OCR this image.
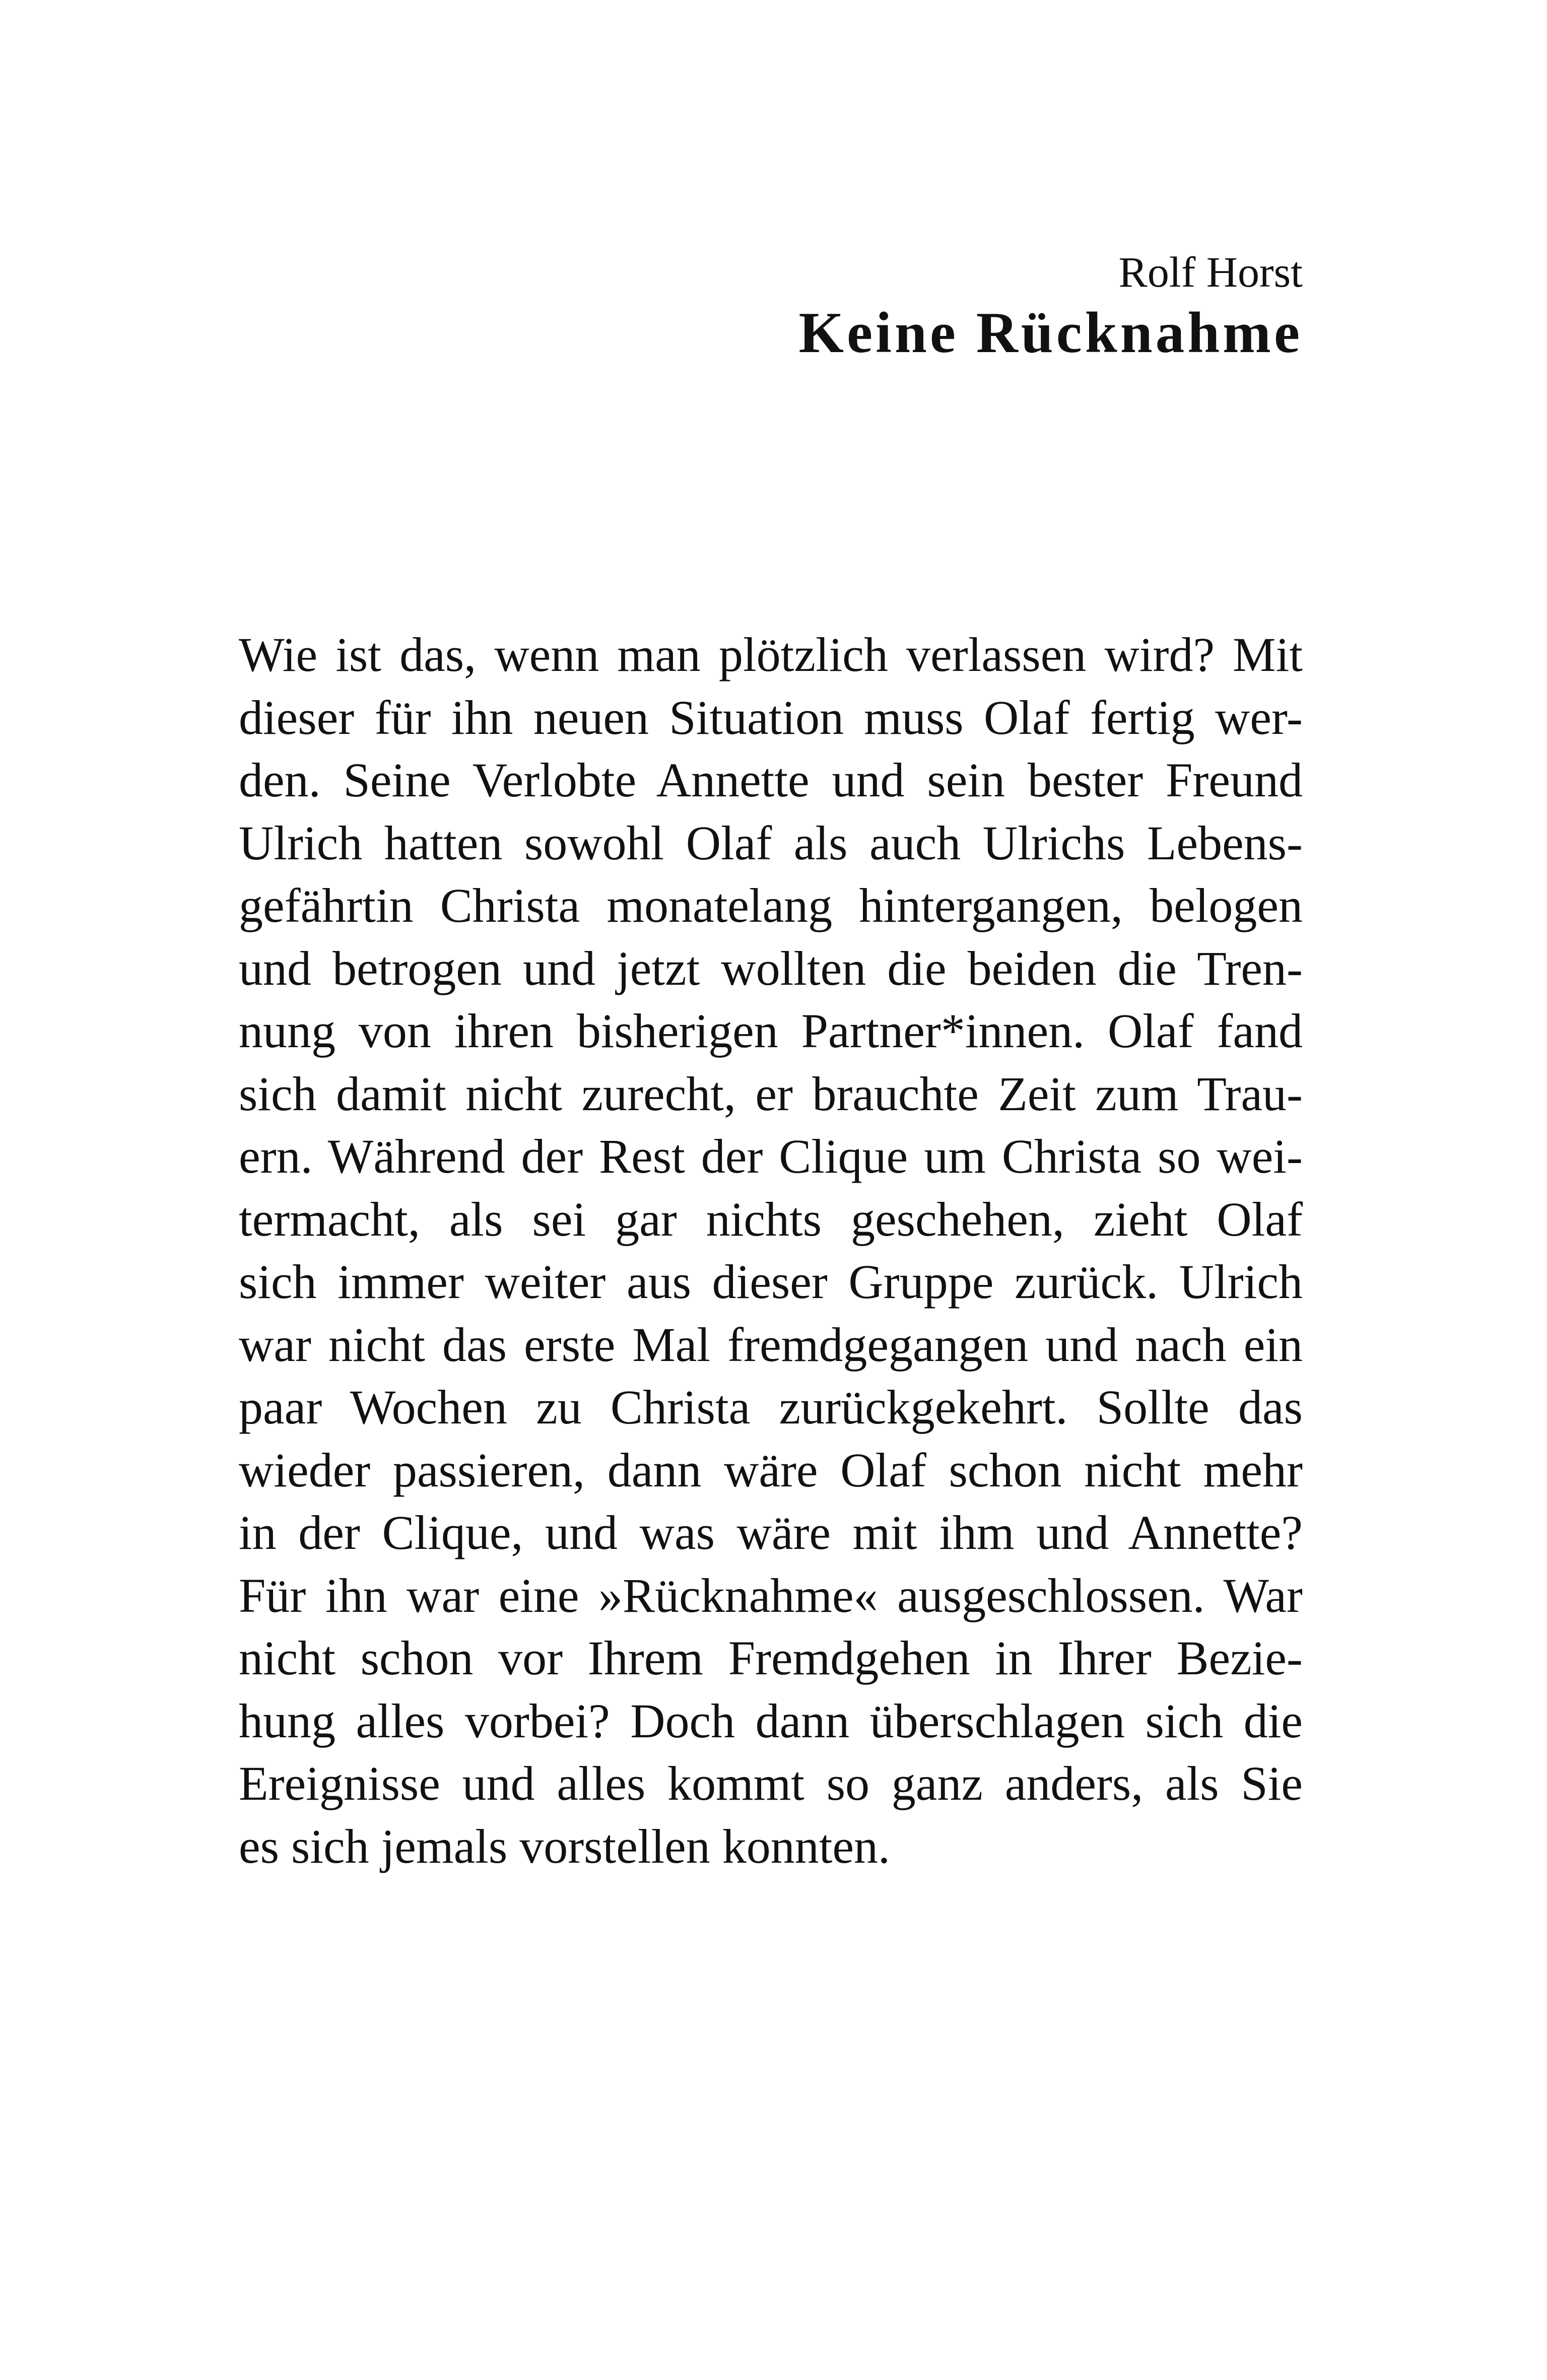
Rolf Horst
Keine Rücknahme
Wie ist das, wenn man plötzlich verlassen wird? Mit
dieser für ihn neuen Situation muss Olaf fertig wer-
den. Seine Verlobte Annette und sein bester Freund
Ulrich hatten sowohl Olaf als auch Ulrichs Lebens-
gefährtin Christa monatelang hintergangen, belogen
und betrogen und jetzt wollten die beiden die Tren-
nung von ihren bisherigen Partner*innen. Olaf fand
sich damit nicht zurecht, er brauchte Zeit zum Trau-
ern. Während der Rest der Clique um Christa so wei-
termacht, als sei gar nichts geschehen, zieht Olaf
sich immer weiter aus dieser Gruppe zurück. Ulrich
war nicht das erste Mal fremdgegangen und nach ein
paar Wochen zu Christa zurückgekehrt. Sollte das
wieder passieren, dann wäre Olaf schon nicht mehr
in der Clique, und was wäre mit ihm und Annette?
Für ihn war eine »Rücknahme« ausgeschlossen. War
nicht schon vor Ihrem Fremdgehen in Ihrer Bezie-
hung alles vorbei? Doch dann überschlagen sich die
Ereignisse und alles kommt so ganz anders, als Sie
es sich jemals vorstellen konnten.
